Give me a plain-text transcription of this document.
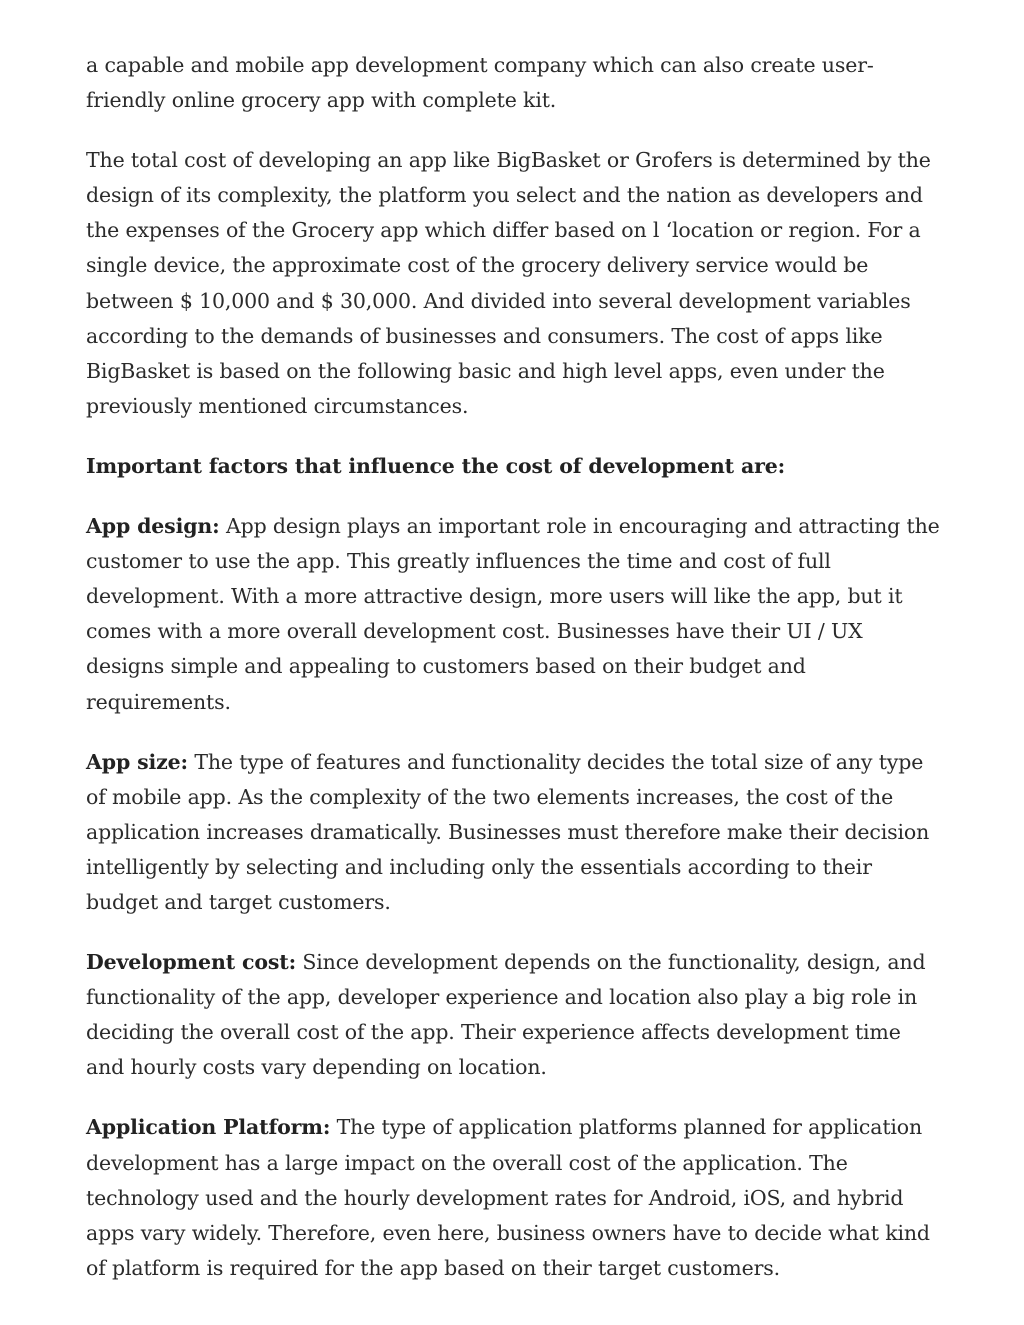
a capable and mobile app development company which can also create user-friendly online grocery app with complete kit.

The total cost of developing an app like BigBasket or Grofers is determined by the design of its complexity, the platform you select and the nation as developers and the expenses of the Grocery app which differ based on l ‘location or region. For a single device, the approximate cost of the grocery delivery service would be between $ 10,000 and $ 30,000. And divided into several development variables according to the demands of businesses and consumers. The cost of apps like BigBasket is based on the following basic and high level apps, even under the previously mentioned circumstances.

Important factors that influence the cost of development are:

App design: App design plays an important role in encouraging and attracting the customer to use the app. This greatly influences the time and cost of full development. With a more attractive design, more users will like the app, but it comes with a more overall development cost. Businesses have their UI / UX designs simple and appealing to customers based on their budget and requirements.

App size: The type of features and functionality decides the total size of any type of mobile app. As the complexity of the two elements increases, the cost of the application increases dramatically. Businesses must therefore make their decision intelligently by selecting and including only the essentials according to their budget and target customers.

Development cost: Since development depends on the functionality, design, and functionality of the app, developer experience and location also play a big role in deciding the overall cost of the app. Their experience affects development time and hourly costs vary depending on location.

Application Platform: The type of application platforms planned for application development has a large impact on the overall cost of the application. The technology used and the hourly development rates for Android, iOS, and hybrid apps vary widely. Therefore, even here, business owners have to decide what kind of platform is required for the app based on their target customers.
